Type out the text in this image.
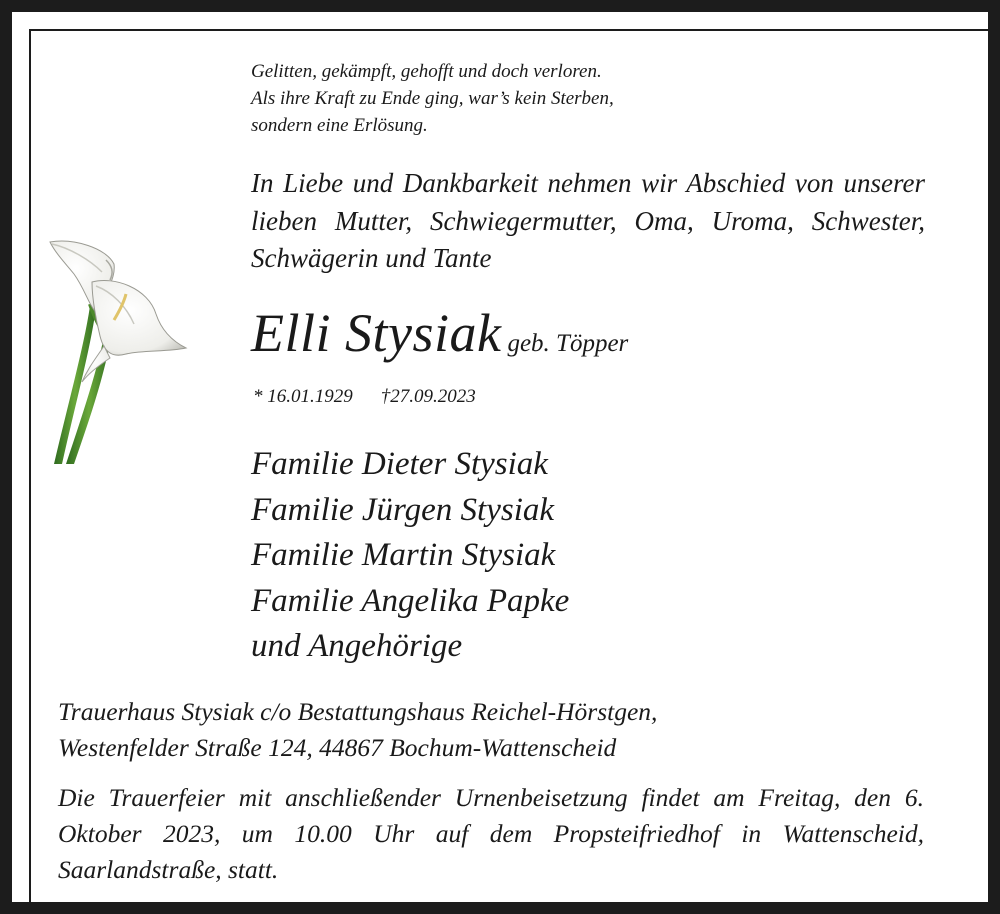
Gelitten, gekämpft, gehofft und doch verloren.
Als ihre Kraft zu Ende ging, war’s kein Sterben,
sondern eine Erlösung.
In Liebe und Dankbarkeit nehmen wir Abschied von unserer lieben Mutter, Schwiegermutter, Oma, Uroma, Schwester, Schwägerin und Tante
Elli Stysiak geb. Töpper
* 16.01.1929 †27.09.2023
Familie Dieter Stysiak
Familie Jürgen Stysiak
Familie Martin Stysiak
Familie Angelika Papke
und Angehörige
Trauerhaus Stysiak c/o Bestattungshaus Reichel-Hörstgen,
Westenfelder Straße 124, 44867 Bochum-Wattenscheid
Die Trauerfeier mit anschließender Urnenbeisetzung findet am Freitag, den 6. Oktober 2023, um 10.00 Uhr auf dem Propsteifriedhof in Wattenscheid, Saarlandstraße, statt.
